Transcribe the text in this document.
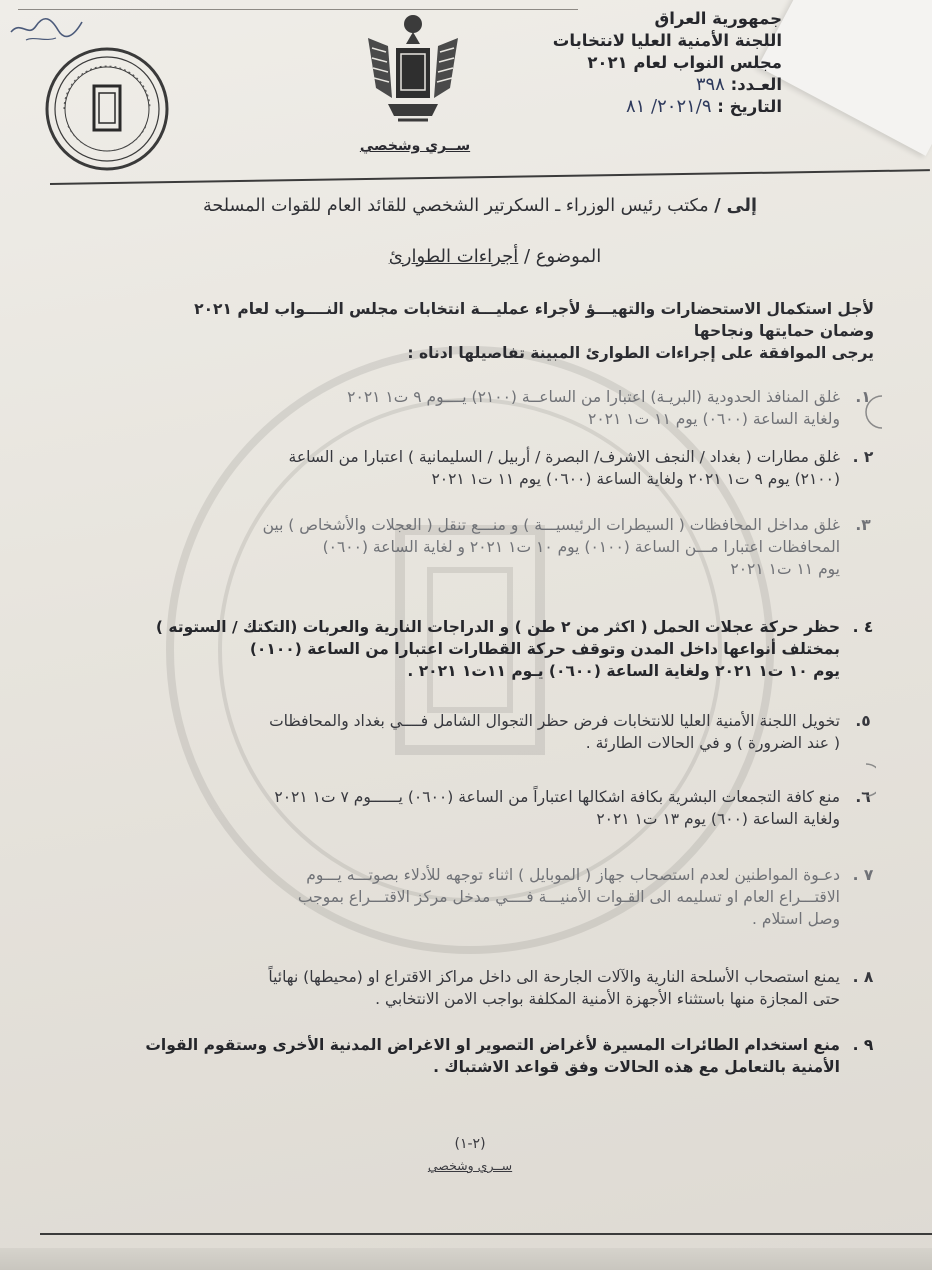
ســري وشخصي
جمهورية العراق
اللجنة الأمنية العليا لانتخابات
مجلس النواب لعام ٢٠٢١
العـدد: ٣٩٨
التاريخ : ٢٠٢١/٩/ ٨١
إلى / مكتب رئيس الوزراء ـ السكرتير الشخصي للقائد العام للقوات المسلحة
الموضوع / أجراءات الطوارئ
لأجل استكمال الاستحضارات والتهيـــؤ لأجراء عمليـــة انتخابات مجلس النــــواب لعام ٢٠٢١
وضمان حمايتها ونجاحها
يرجى الموافقة على إجراءات الطوارئ المبينة تفاصيلها ادناه :
١.
غلق المنافذ الحدودية (البريـة) اعتبارا من الساعــة (٢١٠٠) يــــوم ٩ ت١ ٢٠٢١
ولغاية الساعة (٠٦٠٠) يوم ١١ ت١ ٢٠٢١
٢ .
غلق مطارات ( بغداد / النجف الاشرف/ البصرة / أربيل / السليمانية ) اعتبارا من الساعة
(٢١٠٠) يوم ٩ ت١ ٢٠٢١ ولغاية الساعة (٠٦٠٠) يوم ١١ ت١ ٢٠٢١
٣.
غلق مداخل المحافظات ( السيطرات الرئيسيـــة ) و منـــع تنقل ( العجلات والأشخاص ) بين
المحافظات اعتبارا مـــن الساعة (٠١٠٠) يوم ١٠ ت١ ٢٠٢١ و لغاية الساعة (٠٦٠٠)
يوم ١١ ت١ ٢٠٢١
٤ .
حظر حركة عجلات الحمل ( اكثر من ٢ طن ) و الدراجات النارية والعربات (التكتك / الستوته )
بمختلف أنواعها داخل المدن وتوقف حركة القطارات اعتبارا من الساعة (٠١٠٠)
يوم ١٠ ت١ ٢٠٢١ ولغاية الساعة (٠٦٠٠) يـوم ١١ت١ ٢٠٢١ .
٥.
تخويل اللجنة الأمنية العليا للانتخابات فرض حظر التجوال الشامل فــــي بغداد والمحافظات
( عند الضرورة ) و في الحالات الطارئة .
٦.
منع كافة التجمعات البشرية بكافة اشكالها اعتباراً من الساعة (٠٦٠٠) يــــــوم ٧ ت١ ٢٠٢١
ولغاية الساعة (٦٠٠) يوم ١٣ ت١ ٢٠٢١
٧ .
دعـوة المواطنين لعدم استصحاب جهاز ( الموبايل ) اثناء توجهه للأدلاء بصوتـــه يـــوم
الاقتـــراع العام او تسليمه الى القـوات الأمنيـــة فــــي مدخل مركز الاقتـــراع بموجب
وصل استلام .
٨ .
يمنع استصحاب الأسلحة النارية والآلات الجارحة الى داخل مراكز الاقتراع او (محيطها) نهائياً
حتى المجازة منها باستثناء الأجهزة الأمنية المكلفة بواجب الامن الانتخابي .
٩ .
منع استخدام الطائرات المسيرة لأغراض التصوير او الاغراض المدنية الأخرى وستقوم القوات
الأمنية بالتعامل مع هذه الحالات وفق قواعد الاشتباك .
(٢-١)
ســري وشخصي
